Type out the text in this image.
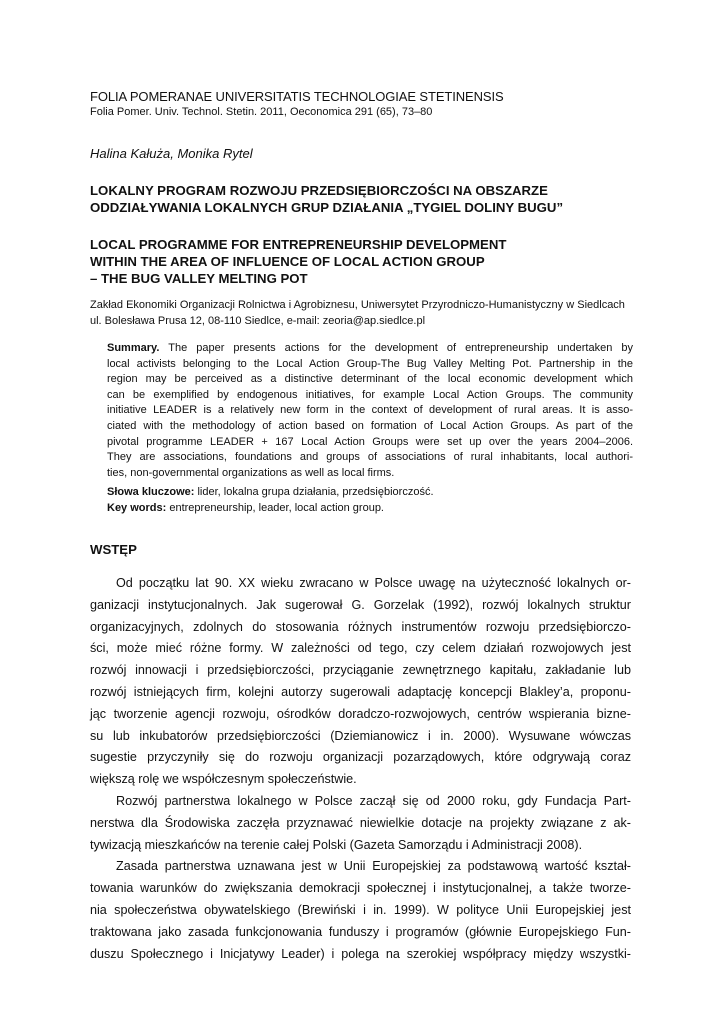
FOLIA POMERANAE UNIVERSITATIS TECHNOLOGIAE STETINENSIS
Folia Pomer. Univ. Technol. Stetin. 2011, Oeconomica 291 (65), 73–80
Halina Kałuża, Monika Rytel
LOKALNY PROGRAM ROZWOJU PRZEDSIĘBIORCZOŚCI NA OBSZARZE
ODDZIAŁYWANIA LOKALNYCH GRUP DZIAŁANIA „TYGIEL DOLINY BUGU”
LOCAL PROGRAMME FOR ENTREPRENEURSHIP DEVELOPMENT
WITHIN THE AREA OF INFLUENCE OF LOCAL ACTION GROUP
– THE BUG VALLEY MELTING POT
Zakład Ekonomiki Organizacji Rolnictwa i Agrobiznesu, Uniwersytet Przyrodniczo-Humanistyczny w Siedlcach
ul. Bolesława Prusa 12, 08-110 Siedlce, e-mail: zeoria@ap.siedlce.pl
Summary. The paper presents actions for the development of entrepreneurship undertaken by
local activists belonging to the Local Action Group-The Bug Valley Melting Pot. Partnership in the
region may be perceived as a distinctive determinant of the local economic development which
can be exemplified by endogenous initiatives, for example Local Action Groups. The community
initiative LEADER is a relatively new form in the context of development of rural areas. It is asso-
ciated with the methodology of action based on formation of Local Action Groups. As part of the
pivotal programme LEADER + 167 Local Action Groups were set up over the years 2004–2006.
They are associations, foundations and groups of associations of rural inhabitants, local authori-
ties, non-governmental organizations as well as local firms.
Słowa kluczowe: lider, lokalna grupa działania, przedsiębiorczość.
Key words: entrepreneurship, leader, local action group.
WSTĘP
Od początku lat 90. XX wieku zwracano w Polsce uwagę na użyteczność lokalnych or-
ganizacji instytucjonalnych. Jak sugerował G. Gorzelak (1992), rozwój lokalnych struktur
organizacyjnych, zdolnych do stosowania różnych instrumentów rozwoju przedsiębiorczo-
ści, może mieć różne formy. W zależności od tego, czy celem działań rozwojowych jest
rozwój innowacji i przedsiębiorczości, przyciąganie zewnętrznego kapitału, zakładanie lub
rozwój istniejących firm, kolejni autorzy sugerowali adaptację koncepcji Blakley’a, proponu-
jąc tworzenie agencji rozwoju, ośrodków doradczo-rozwojowych, centrów wspierania bizne-
su lub inkubatorów przedsiębiorczości (Dziemianowicz i in. 2000). Wysuwane wówczas
sugestie przyczyniły się do rozwoju organizacji pozarządowych, które odgrywają coraz
większą rolę we współczesnym społeczeństwie.
Rozwój partnerstwa lokalnego w Polsce zaczął się od 2000 roku, gdy Fundacja Part-
nerstwa dla Środowiska zaczęła przyznawać niewielkie dotacje na projekty związane z ak-
tywizacją mieszkańców na terenie całej Polski (Gazeta Samorządu i Administracji 2008).
Zasada partnerstwa uznawana jest w Unii Europejskiej za podstawową wartość kształ-
towania warunków do zwiększania demokracji społecznej i instytucjonalnej, a także tworze-
nia społeczeństwa obywatelskiego (Brewiński i in. 1999). W polityce Unii Europejskiej jest
traktowana jako zasada funkcjonowania funduszy i programów (głównie Europejskiego Fun-
duszu Społecznego i Inicjatywy Leader) i polega na szerokiej współpracy między wszystki-
